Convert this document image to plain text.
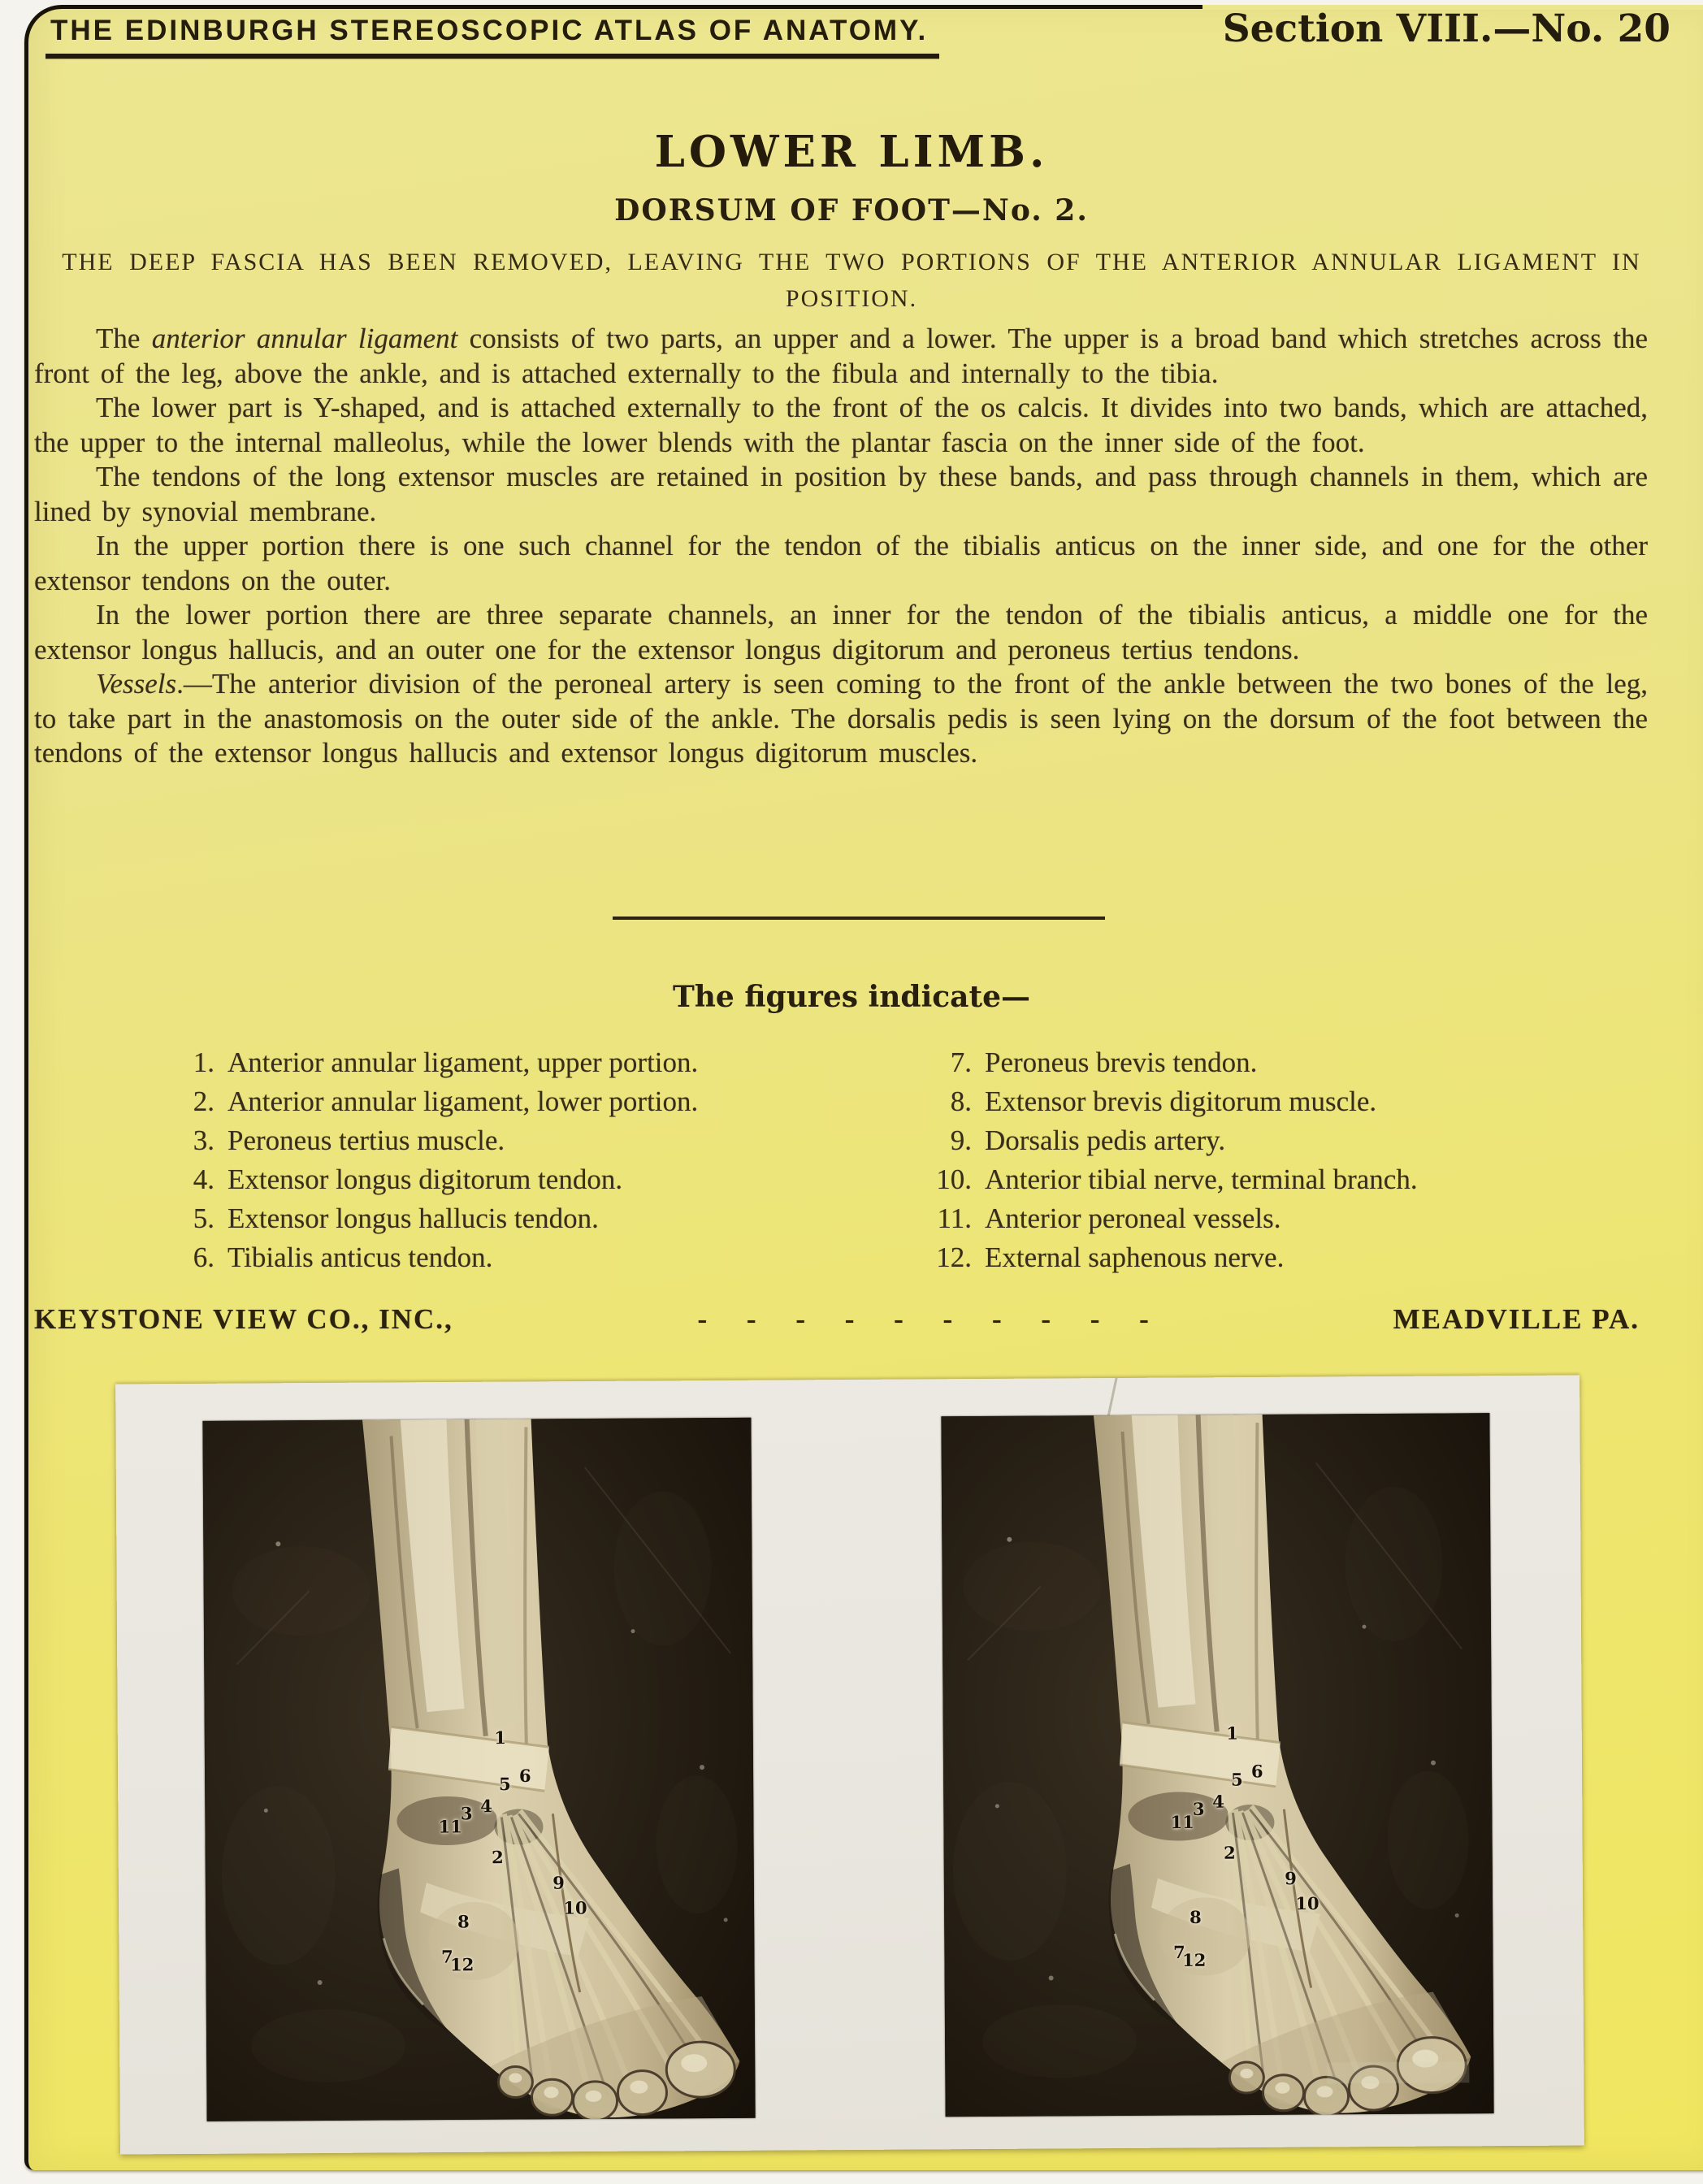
THE EDINBURGH STEREOSCOPIC ATLAS OF ANATOMY.	Section VIII.—No. 20
LOWER LIMB.
DORSUM OF FOOT—No. 2.
THE DEEP FASCIA HAS BEEN REMOVED, LEAVING THE TWO PORTIONS OF THE ANTERIOR ANNULAR LIGAMENT IN POSITION.

The anterior annular ligament consists of two parts, an upper and a lower. The upper is a broad band which stretches across the front of the leg, above the ankle, and is attached externally to the fibula and internally to the tibia.

The lower part is Y-shaped, and is attached externally to the front of the os calcis. It divides into two bands, which are attached, the upper to the internal malleolus, while the lower blends with the plantar fascia on the inner side of the foot.

The tendons of the long extensor muscles are retained in position by these bands, and pass through channels in them, which are lined by synovial membrane.

In the upper portion there is one such channel for the tendon of the tibialis anticus on the inner side, and one for the other extensor tendons on the outer.

In the lower portion there are three separate channels, an inner for the tendon of the tibialis anticus, a middle one for the extensor longus hallucis, and an outer one for the extensor longus digitorum and peroneus tertius tendons.

Vessels.—The anterior division of the peroneal artery is seen coming to the front of the ankle between the two bones of the leg, to take part in the anastomosis on the outer side of the ankle. The dorsalis pedis is seen lying on the dorsum of the foot between the tendons of the extensor longus hallucis and extensor longus digitorum muscles.

The figures indicate—
1. Anterior annular ligament, upper portion.
2. Anterior annular ligament, lower portion.
3. Peroneus tertius muscle.
4. Extensor longus digitorum tendon.
5. Extensor longus hallucis tendon.
6. Tibialis anticus tendon.
7. Peroneus brevis tendon.
8. Extensor brevis digitorum muscle.
9. Dorsalis pedis artery.
10. Anterior tibial nerve, terminal branch.
11. Anterior peroneal vessels.
12. External saphenous nerve.
KEYSTONE VIEW CO., INC.,	- - - - - - - - - -	MEADVILLE PA.
1
6
5
4
3
11
2
9
10
8
7
12
1
6
5
4
3
11
2
9
10
8
7
12
